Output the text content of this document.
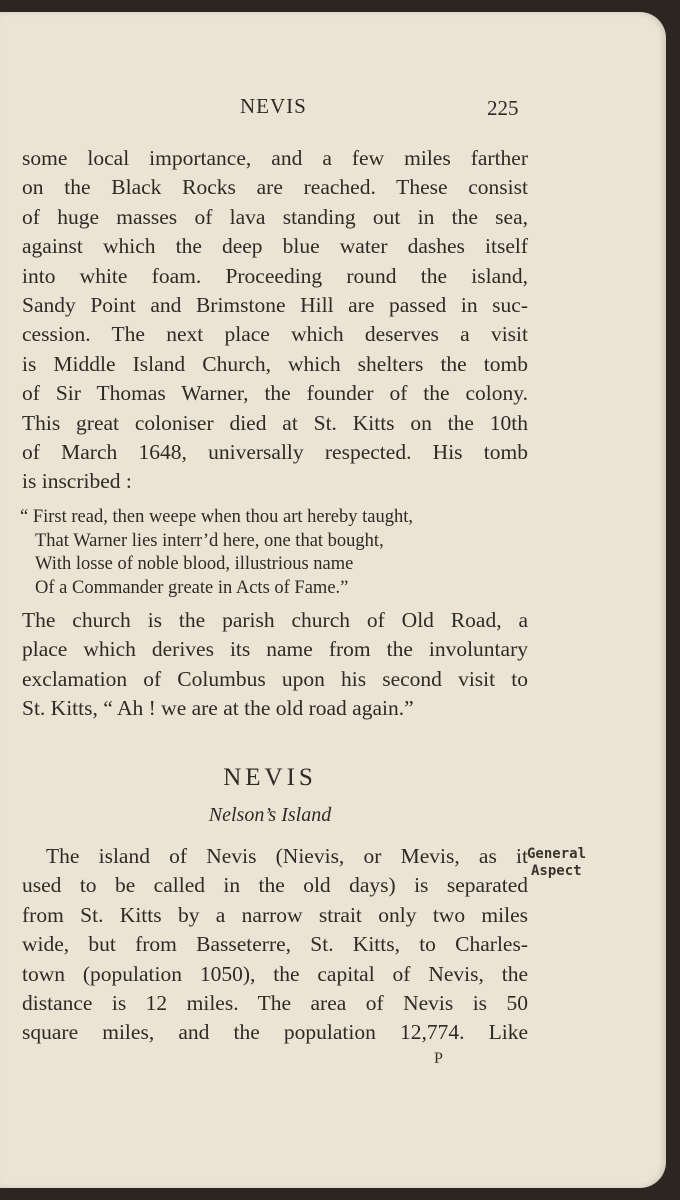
NEVIS	225
some local importance, and a few miles farther
on the Black Rocks are reached. These consist
of huge masses of lava standing out in the sea,
against which the deep blue water dashes itself
into white foam. Proceeding round the island,
Sandy Point and Brimstone Hill are passed in suc-
cession. The next place which deserves a visit
is Middle Island Church, which shelters the tomb
of Sir Thomas Warner, the founder of the colony.
This great coloniser died at St. Kitts on the 10th
of March 1648, universally respected. His tomb
is inscribed :
“ First read, then weepe when thou art hereby taught,
That Warner lies interr’d here, one that bought,
With losse of noble blood, illustrious name
Of a Commander greate in Acts of Fame.”
The church is the parish church of Old Road, a
place which derives its name from the involuntary
exclamation of Columbus upon his second visit to
St. Kitts, “ Ah ! we are at the old road again.”
NEVIS
Nelson’s Island
The island of Nevis (Nievis, or Mevis, as it
used to be called in the old days) is separated
from St. Kitts by a narrow strait only two miles
wide, but from Basseterre, St. Kitts, to Charles-
town (population 1050), the capital of Nevis, the
distance is 12 miles. The area of Nevis is 50
square miles, and the population 12,774. Like
General
Aspect
P
